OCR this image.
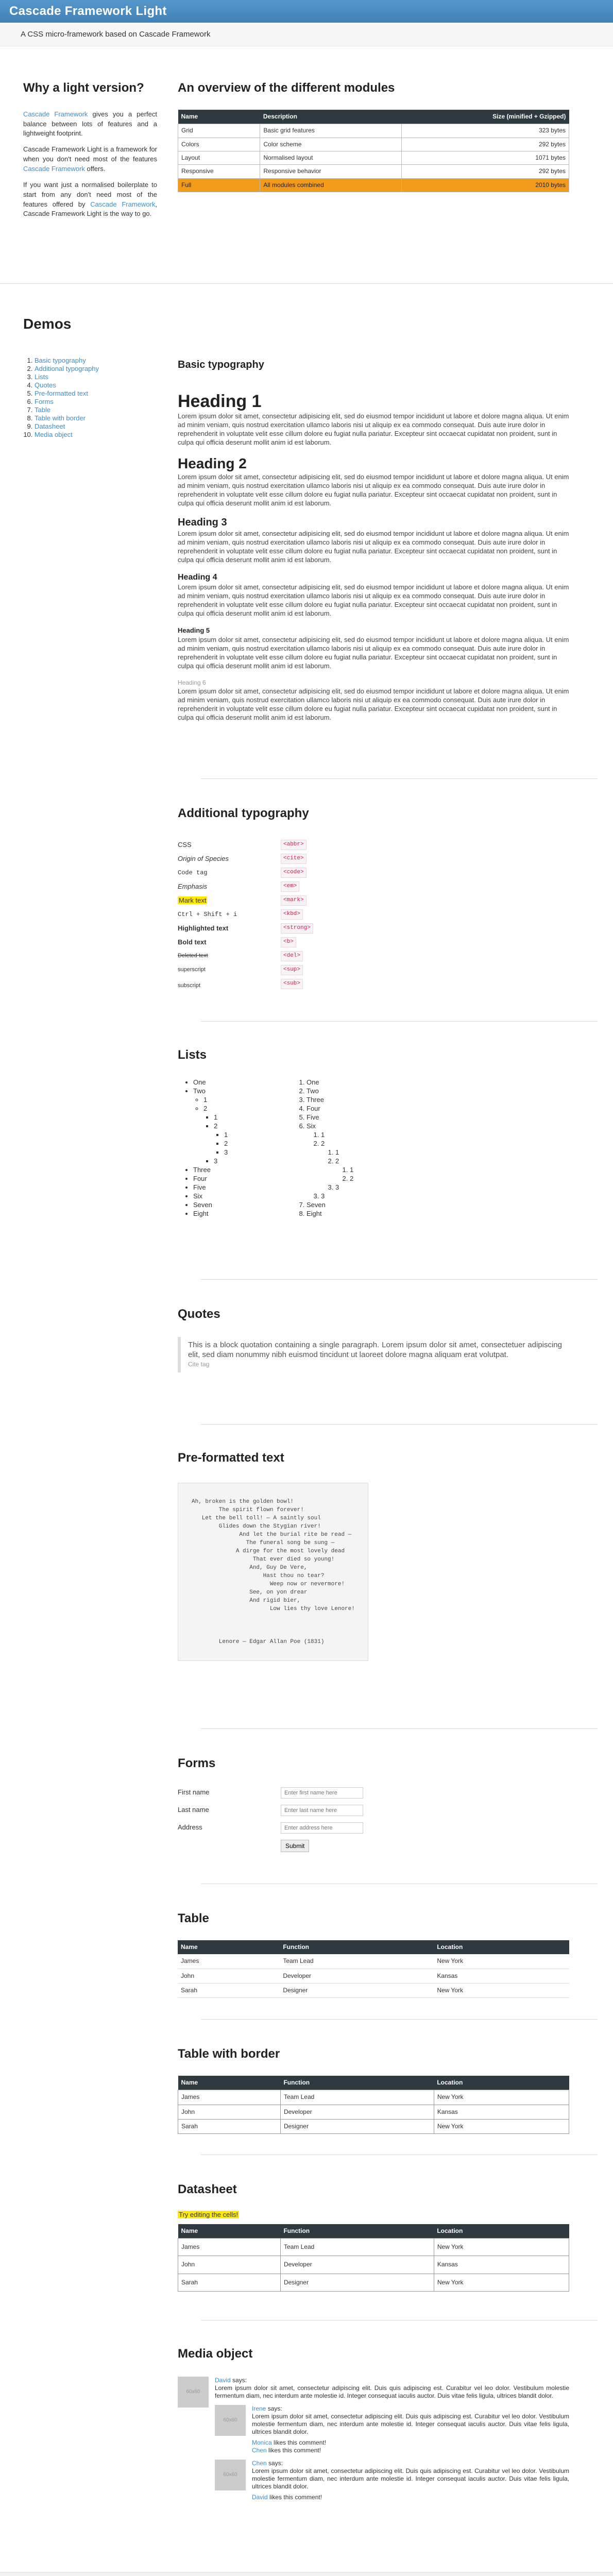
Cascade Framework Light
A CSS micro-framework based on Cascade Framework
Why a light version?

Cascade Framework gives you a perfect balance between lots of features and a lightweight footprint.

Cascade Framework Light is a framework for when you don't need most of the features Cascade Framework offers.

If you want just a normalised boilerplate to start from any don't need most of the features offered by Cascade Framework, Cascade Framework Light is the way to go.

An overview of the different modules
Name	Description	Size (minified + Gzipped)
Grid	Basic grid features	323 bytes
Colors	Color scheme	292 bytes
Layout	Normalised layout	1071 bytes
Responsive	Responsive behavior	292 bytes
Full	All modules combined	2010 bytes
Demos
1. Basic typography
2. Additional typography
3. Lists
4. Quotes
5. Pre-formatted text
6. Forms
7. Table
8. Table with border
9. Datasheet
10. Media object
Basic typography
Heading 1

Lorem ipsum dolor sit amet, consectetur adipisicing elit, sed do eiusmod tempor incididunt ut labore et dolore magna aliqua. Ut enim ad minim veniam, quis nostrud exercitation ullamco laboris nisi ut aliquip ex ea commodo consequat. Duis aute irure dolor in reprehenderit in voluptate velit esse cillum dolore eu fugiat nulla pariatur. Excepteur sint occaecat cupidatat non proident, sunt in culpa qui officia deserunt mollit anim id est laborum.

Heading 2

Lorem ipsum dolor sit amet, consectetur adipisicing elit, sed do eiusmod tempor incididunt ut labore et dolore magna aliqua. Ut enim ad minim veniam, quis nostrud exercitation ullamco laboris nisi ut aliquip ex ea commodo consequat. Duis aute irure dolor in reprehenderit in voluptate velit esse cillum dolore eu fugiat nulla pariatur. Excepteur sint occaecat cupidatat non proident, sunt in culpa qui officia deserunt mollit anim id est laborum.

Heading 3

Lorem ipsum dolor sit amet, consectetur adipisicing elit, sed do eiusmod tempor incididunt ut labore et dolore magna aliqua. Ut enim ad minim veniam, quis nostrud exercitation ullamco laboris nisi ut aliquip ex ea commodo consequat. Duis aute irure dolor in reprehenderit in voluptate velit esse cillum dolore eu fugiat nulla pariatur. Excepteur sint occaecat cupidatat non proident, sunt in culpa qui officia deserunt mollit anim id est laborum.

Heading 4

Lorem ipsum dolor sit amet, consectetur adipisicing elit, sed do eiusmod tempor incididunt ut labore et dolore magna aliqua. Ut enim ad minim veniam, quis nostrud exercitation ullamco laboris nisi ut aliquip ex ea commodo consequat. Duis aute irure dolor in reprehenderit in voluptate velit esse cillum dolore eu fugiat nulla pariatur. Excepteur sint occaecat cupidatat non proident, sunt in culpa qui officia deserunt mollit anim id est laborum.

Heading 5

Lorem ipsum dolor sit amet, consectetur adipisicing elit, sed do eiusmod tempor incididunt ut labore et dolore magna aliqua. Ut enim ad minim veniam, quis nostrud exercitation ullamco laboris nisi ut aliquip ex ea commodo consequat. Duis aute irure dolor in reprehenderit in voluptate velit esse cillum dolore eu fugiat nulla pariatur. Excepteur sint occaecat cupidatat non proident, sunt in culpa qui officia deserunt mollit anim id est laborum.

Heading 6

Lorem ipsum dolor sit amet, consectetur adipisicing elit, sed do eiusmod tempor incididunt ut labore et dolore magna aliqua. Ut enim ad minim veniam, quis nostrud exercitation ullamco laboris nisi ut aliquip ex ea commodo consequat. Duis aute irure dolor in reprehenderit in voluptate velit esse cillum dolore eu fugiat nulla pariatur. Excepteur sint occaecat cupidatat non proident, sunt in culpa qui officia deserunt mollit anim id est laborum.

Additional typography
CSS	<abbr>
Origin of Species	<cite>
Code tag	<code>
Emphasis	<em>
Mark text	<mark>
Ctrl + Shift + i	<kbd>
Highlighted text	<strong>
Bold text	<b>
Deleted text	<del>
superscript	<sup>
subscript	<sub>
Lists
• One
• Two
◦ 1
◦ 2
▪ 1
▪ 2
▪ 1
▪ 2
▪ 3
▪ 3
• Three
• Four
• Five
• Six
• Seven
• Eight
1. One
2. Two
3. Three
4. Four
5. Five
6. Six
1. 1
2. 2
1. 1
2. 2
1. 1
2. 2
3. 3
3. 3
7. Seven
8. Eight
Quotes
This is a block quotation containing a single paragraph. Lorem ipsum dolor sit amet, consectetuer adipiscing elit, sed diam nonummy nibh euismod tincidunt ut laoreet dolore magna aliquam erat volutpat.
Cite tag
Pre-formatted text
Ah, broken is the golden bowl!
The spirit flown forever!
Let the bell toll! — A saintly soul
Glides down the Stygian river!
And let the burial rite be read —
The funeral song be sung —
A dirge for the most lovely dead
That ever died so young!
And, Guy De Vere,
Hast thou no tear?
Weep now or nevermore!
See, on yon drear
And rigid bier,
Low lies thy love Lenore!

Lenore — Edgar Allan Poe (1831)
Forms
First name
Enter first name here
Last name
Enter last name here
Address
Enter address here
Submit
Table
Name	Function	Location
James	Team Lead	New York
John	Developer	Kansas
Sarah	Designer	New York
Table with border
Name	Function	Location
James	Team Lead	New York
John	Developer	Kansas
Sarah	Designer	New York
Datasheet
Try editing the cells!
Name	Function	Location
James	Team Lead	New York
John	Developer	Kansas
Sarah	Designer	New York
Media object
60x60
David says:
Lorem ipsum dolor sit amet, consectetur adipiscing elit. Duis quis adipiscing est. Curabitur vel leo dolor. Vestibulum molestie fermentum diam, nec interdum ante molestie id. Integer consequat iaculis auctor. Duis vitae felis ligula, ultrices blandit dolor.
60x60
Irene says:
Lorem ipsum dolor sit amet, consectetur adipiscing elit. Duis quis adipiscing est. Curabitur vel leo dolor. Vestibulum molestie fermentum diam, nec interdum ante molestie id. Integer consequat iaculis auctor. Duis vitae felis ligula, ultrices blandit dolor.
Monica likes this comment!
Chen likes this comment!
60x60
Chen says:
Lorem ipsum dolor sit amet, consectetur adipiscing elit. Duis quis adipiscing est. Curabitur vel leo dolor. Vestibulum molestie fermentum diam, nec interdum ante molestie id. Integer consequat iaculis auctor. Duis vitae felis ligula, ultrices blandit dolor.
David likes this comment!
